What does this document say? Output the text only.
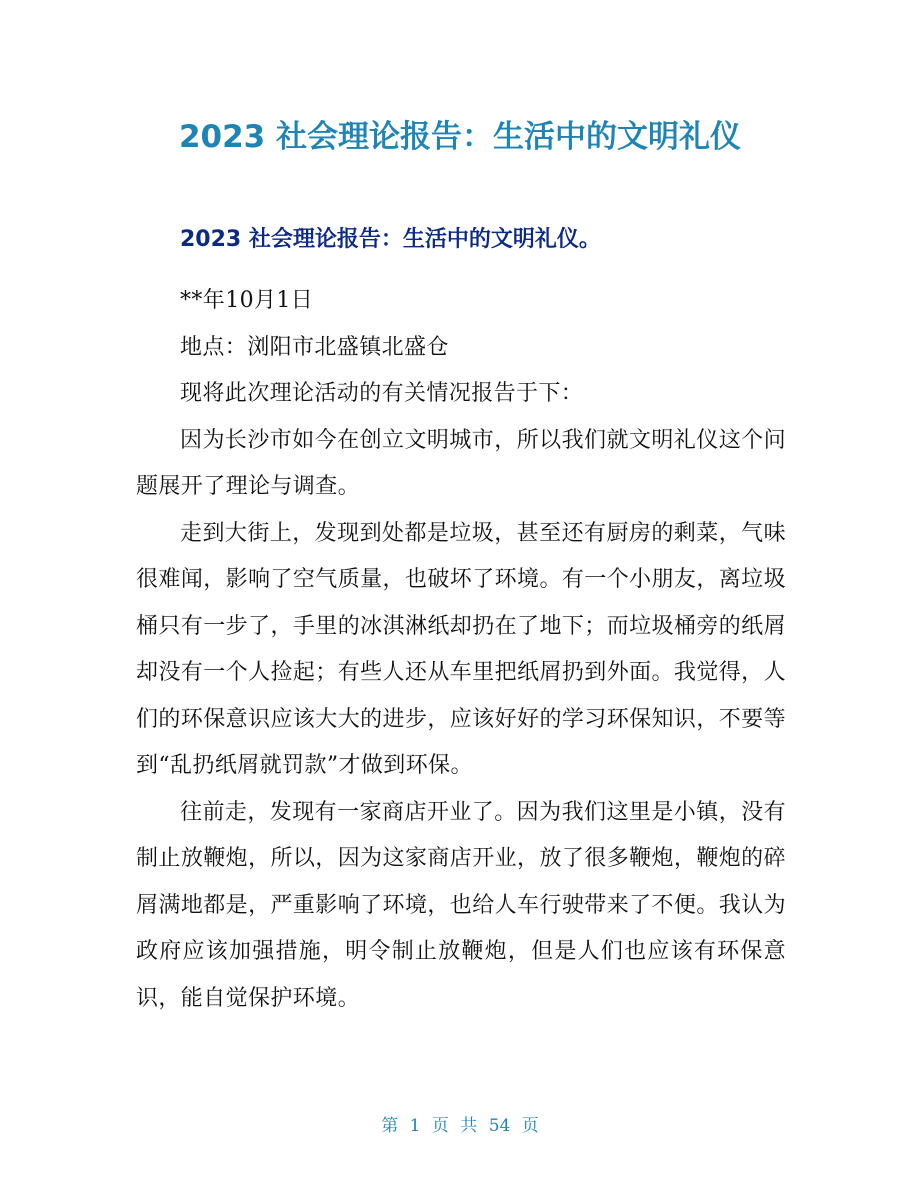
2023 社会理论报告：生活中的文明礼仪
2023 社会理论报告：生活中的文明礼仪。

**年10月1日

地点：浏阳市北盛镇北盛仓

现将此次理论活动的有关情况报告于下：

因为长沙市如今在创立文明城市，所以我们就文明礼仪这个问题展开了理论与调查。

走到大街上，发现到处都是垃圾，甚至还有厨房的剩菜，气味很难闻，影响了空气质量，也破坏了环境。有一个小朋友，离垃圾桶只有一步了，手里的冰淇淋纸却扔在了地下；而垃圾桶旁的纸屑却没有一个人捡起；有些人还从车里把纸屑扔到外面。我觉得，人们的环保意识应该大大的进步，应该好好的学习环保知识，不要等到“乱扔纸屑就罚款”才做到环保。

往前走，发现有一家商店开业了。因为我们这里是小镇，没有制止放鞭炮，所以，因为这家商店开业，放了很多鞭炮，鞭炮的碎屑满地都是，严重影响了环境，也给人车行驶带来了不便。我认为政府应该加强措施，明令制止放鞭炮，但是人们也应该有环保意识，能自觉保护环境。

第 1 页 共 54 页
